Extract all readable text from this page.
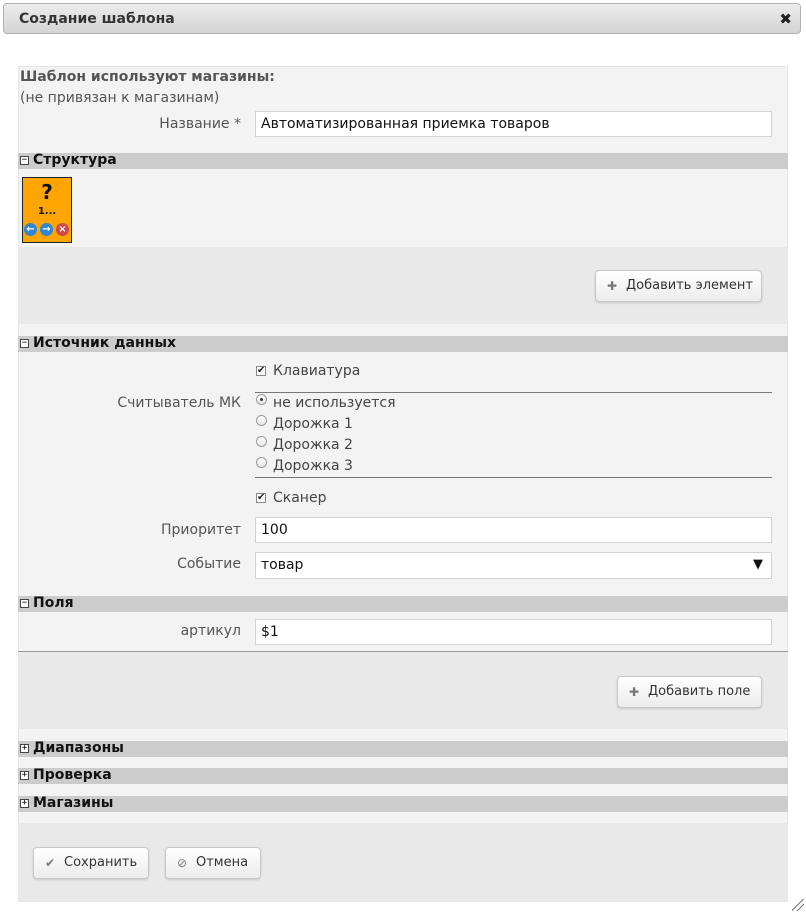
Создание шаблона	✖
Шаблон используют магазины:
(не привязан к магазинам)
Название *	Автоматизированная приемка товаров
− Структура
?
1...
← → ×
✚ Добавить элемент
− Источник данных
✔ Клавиатура
Считыватель МК не используется
Дорожка 1
Дорожка 2
Дорожка 3
✔ Сканер
Приоритет	100
Событие	товар	▼
− Поля
артикул	$1
✚ Добавить поле
+ Диапазоны
+ Проверка
+ Магазины
✔ Сохранить	⊘ Отмена
